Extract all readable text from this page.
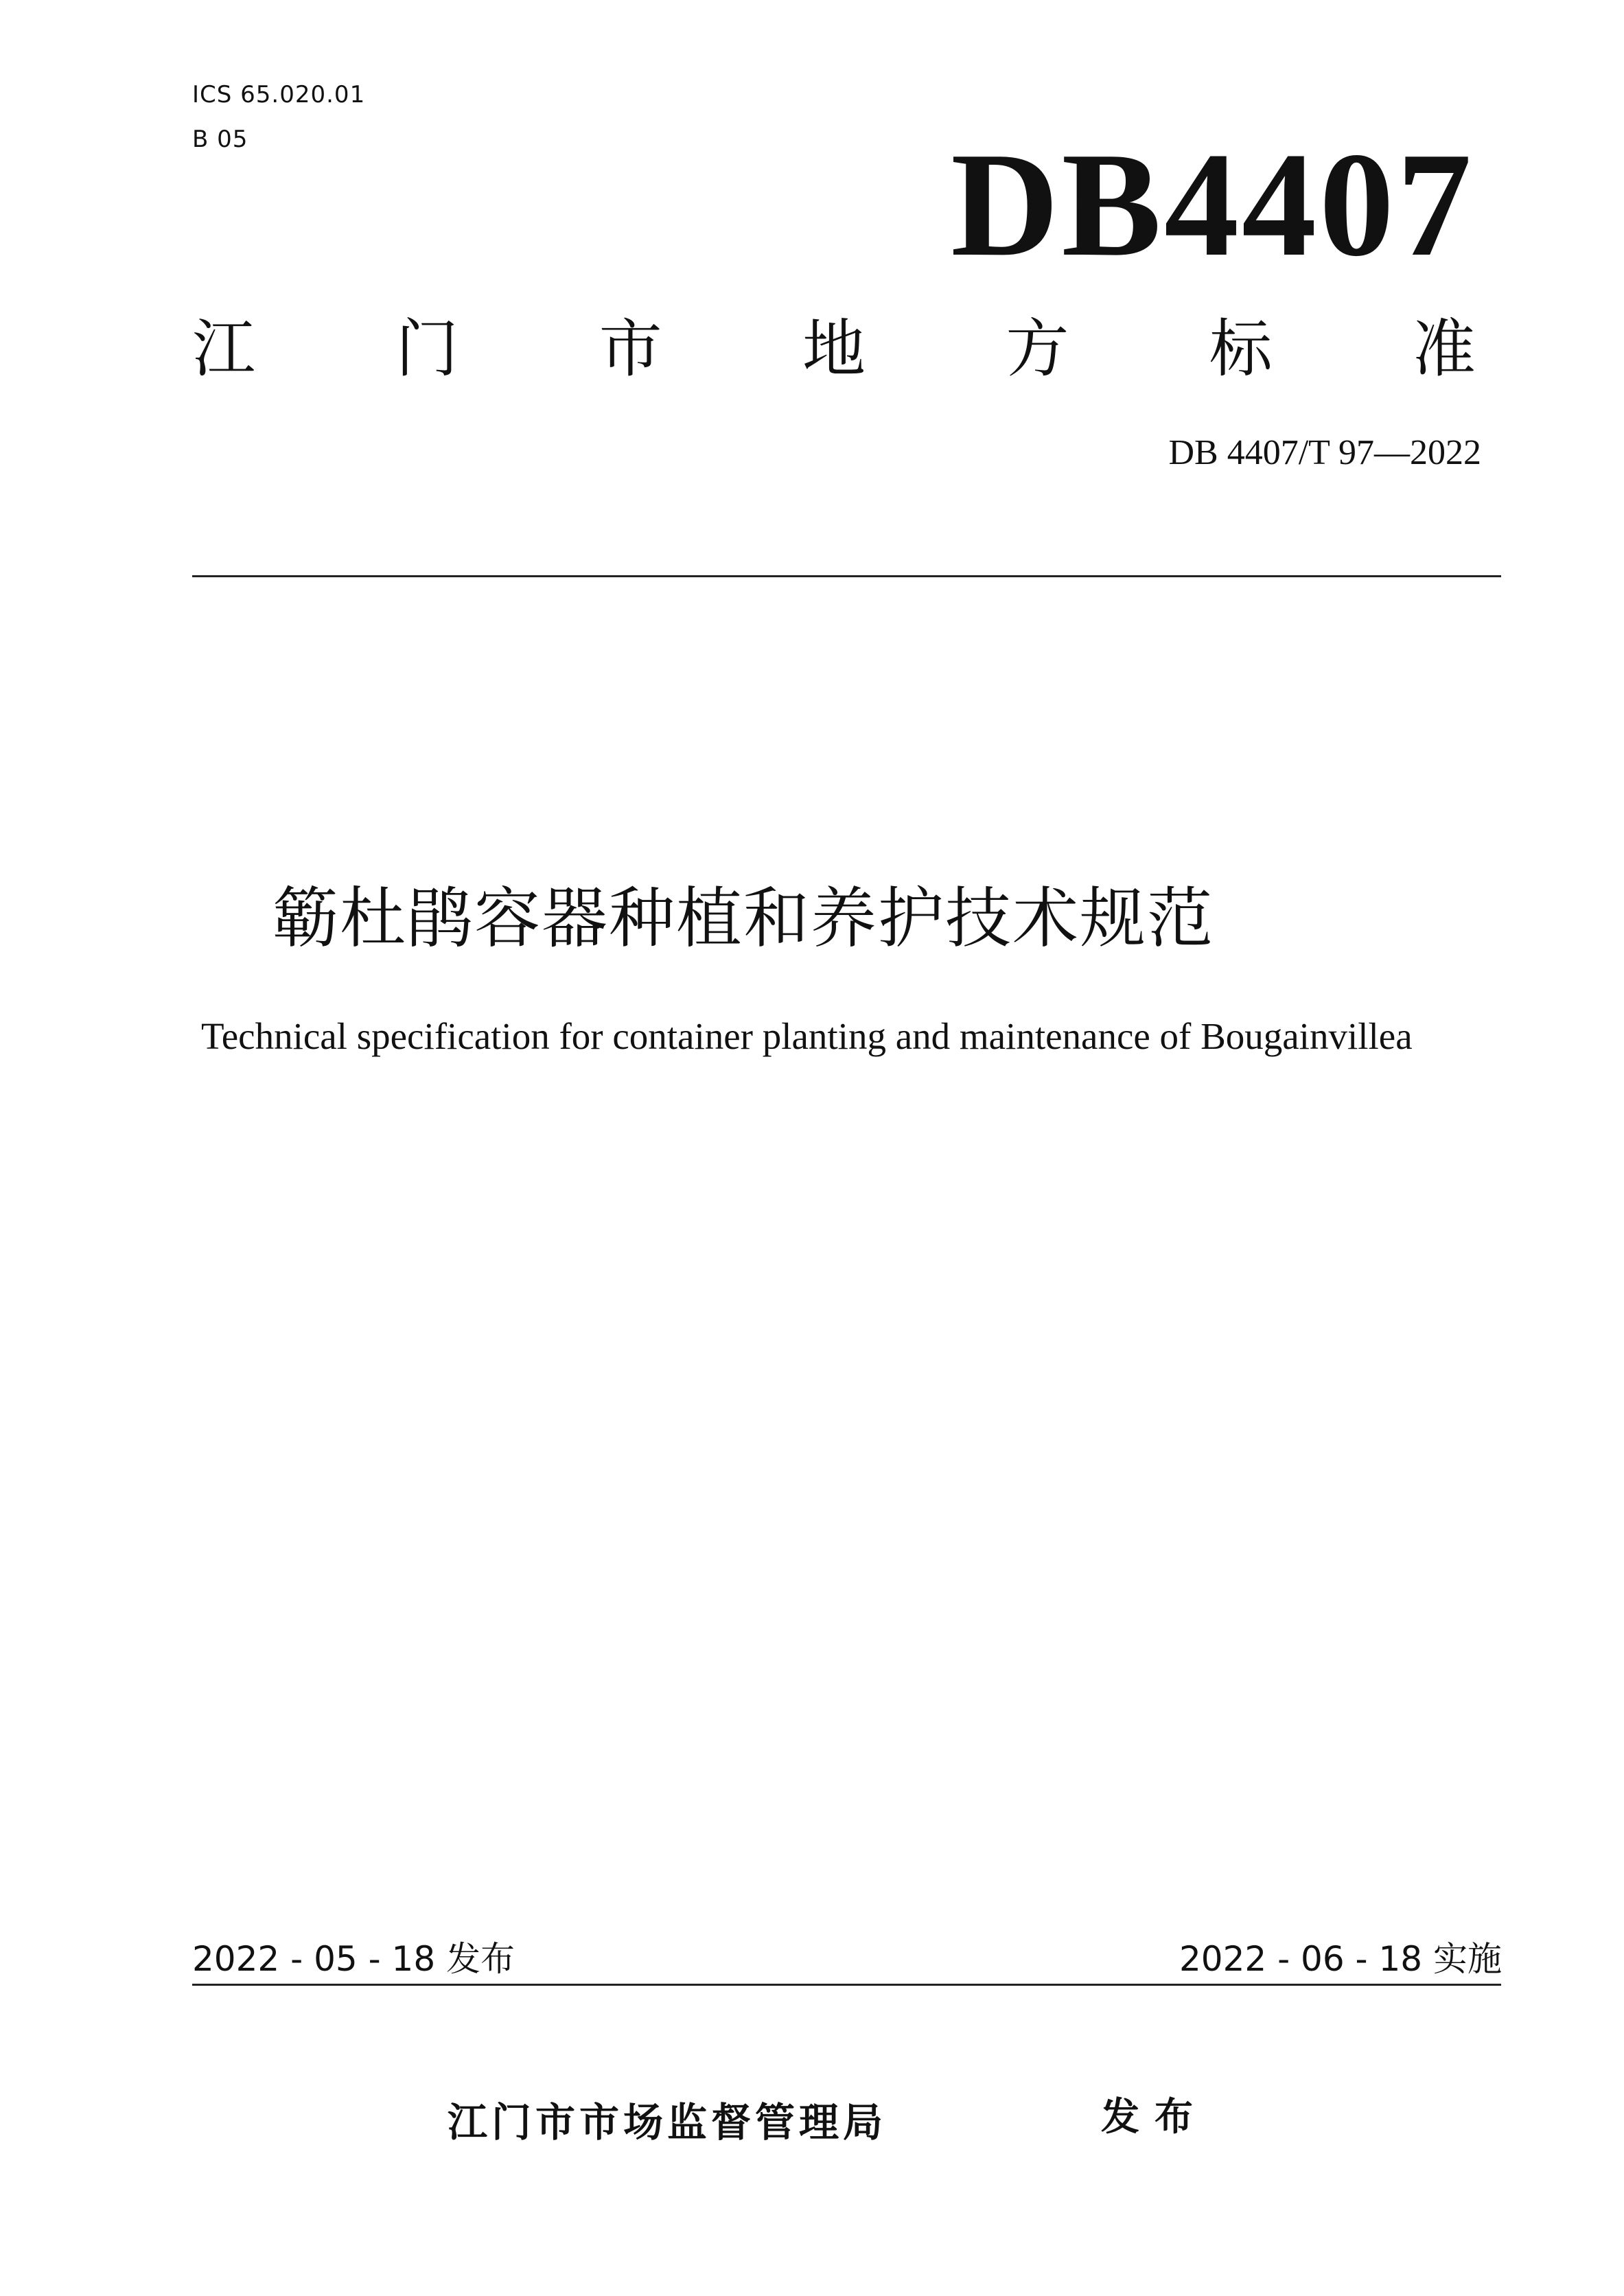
ICS 65.020.01
B 05	DB4407
江 门 市 地 方 标 准
DB 4407/T 97—2022
簕杜鹃容器种植和养护技术规范
Technical specification for container planting and maintenance of Bougainvillea
2022 - 05 - 18 发布	2022 - 06 - 18 实施
江门市市场监督管理局	发布
